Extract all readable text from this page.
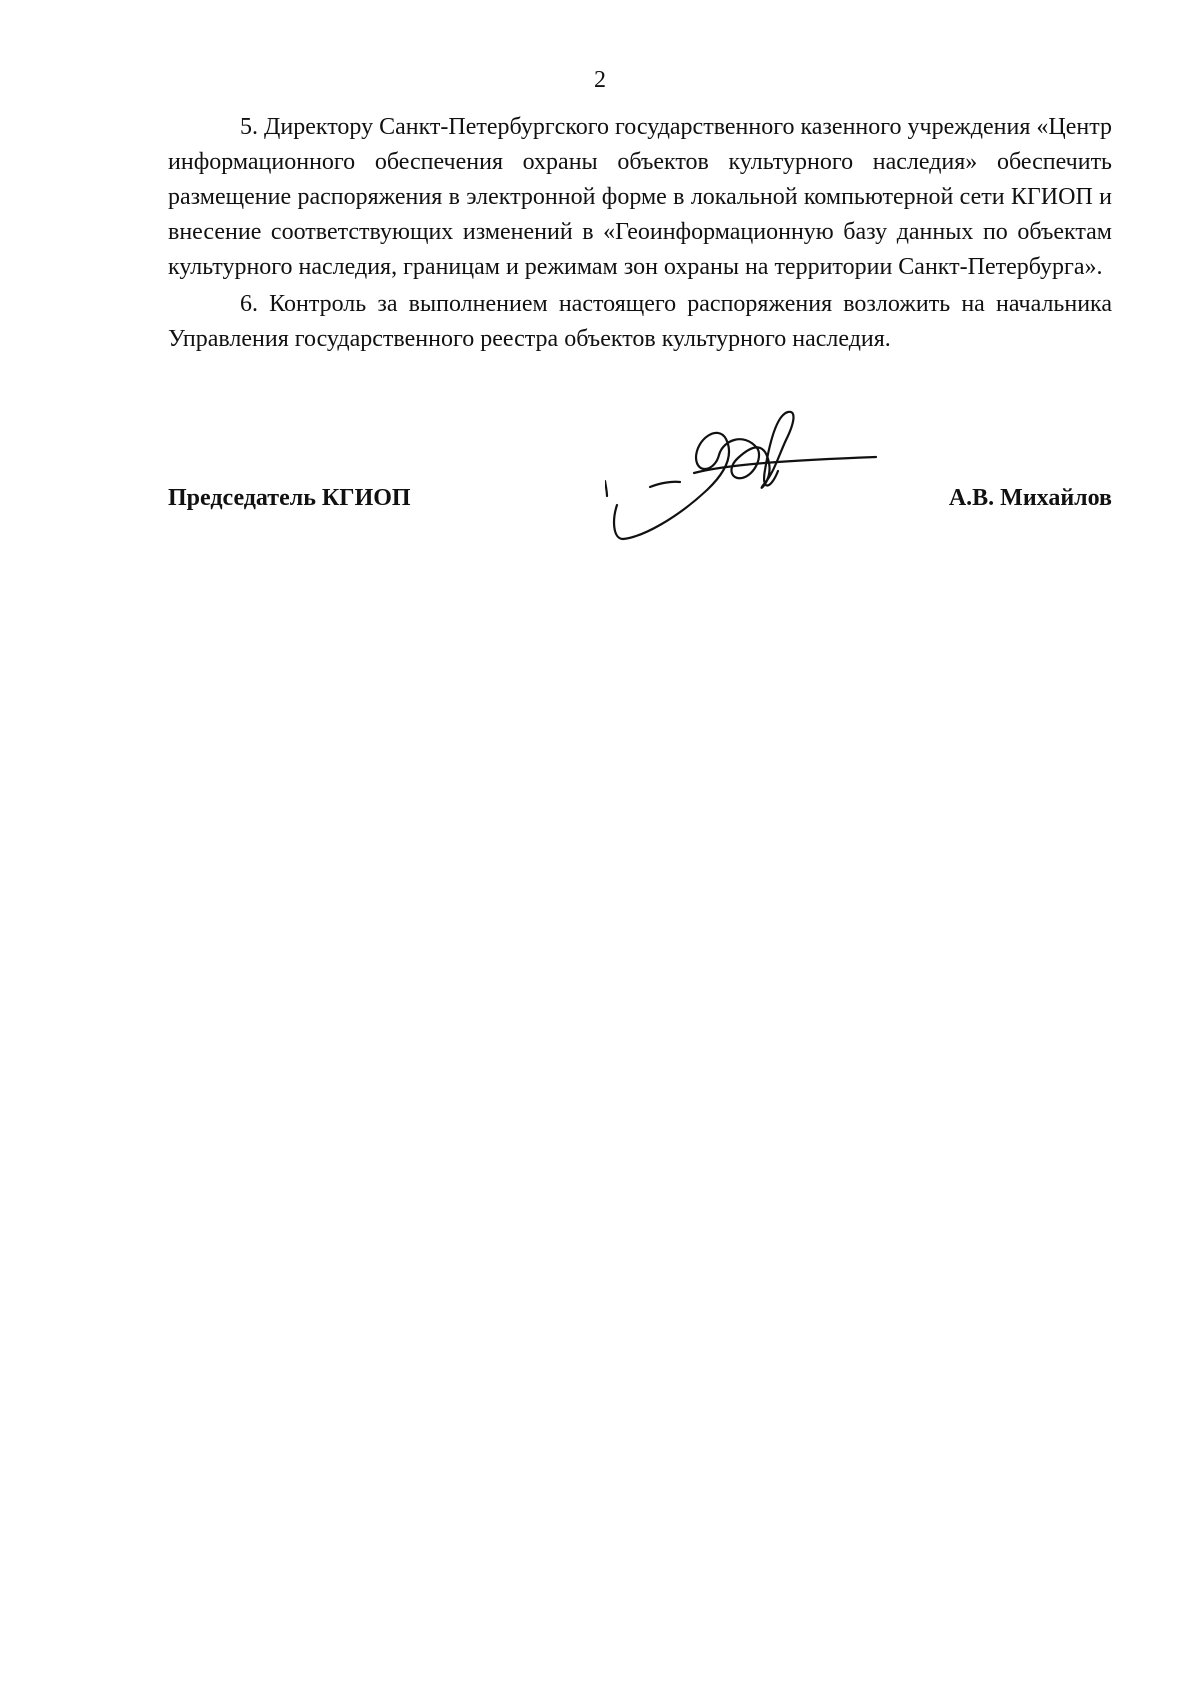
2

5. Директору Санкт-Петербургского государственного казенного учреждения «Центр информационного обеспечения охраны объектов культурного наследия» обеспечить размещение распоряжения в электронной форме в локальной компьютерной сети КГИОП и внесение соответствующих изменений в «Геоинформационную базу данных по объектам культурного наследия, границам и режимам зон охраны на территории Санкт-Петербурга».

6. Контроль за выполнением настоящего распоряжения возложить на начальника Управления государственного реестра объектов культурного наследия.

Председатель КГИОП	А.В. Михайлов
